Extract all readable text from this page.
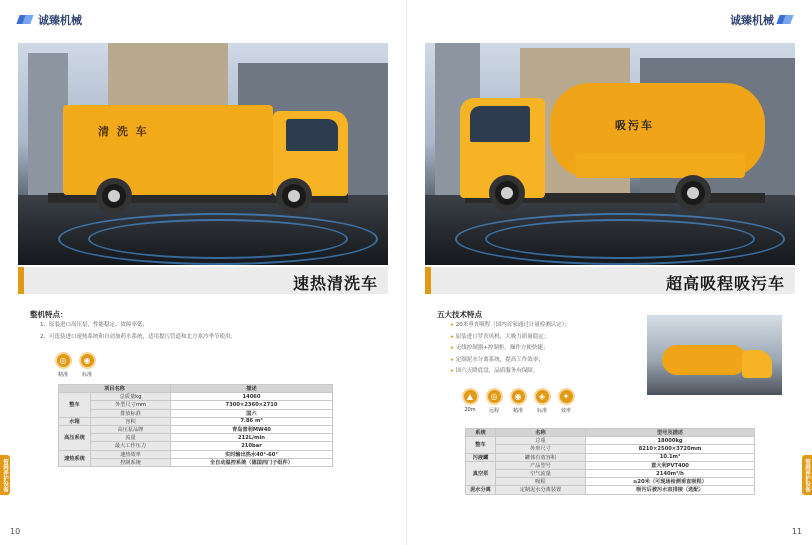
诚臻机械
清 洗 车
速热清洗车
整机特点：
1、原装进口高压泵，性能稳定、故障率低；
2、可选装进口速热系统和自动加药水系统，适用提污管道和北方寒冷季节使用；
◎
精准
◉
标准
项目名称		描述
整车	总质量kg	14060
	外型尺寸mm	7300×2360×2710
	排放标准	国六
水箱	容积	7.86 m³
高压系统	高压泵品牌	青岛普利MW40
	流量	212L/min
	最大工作压力	210bar
速热系统	速热效率	实时输出热水40°-60°
	控制系统	全自动温控系统（德国西门子组件）
管网养护设备
10
诚臻机械
吸污车
超高吸程吸污车
五大技术特点
▸ 20米垂直吸程（国内首家通过计量检测认定）；
▸ 原装进口罗茨风机，大吸力质量稳定；
▸ 无线控制器+控制柜，操作方便快捷；
▸ 定制泥水分离系统，提高工作效率；
▸ 国六天降底盘，品质服务有保障。
▲
20m
◎
远程
◉
精准
◈
标准
✦
效率
系统	名称	型号及描述
整车	总重	18000kg
	外形尺寸	8210×2500×3720mm
污液罐	罐体有效容积	10.1m³
真空泵	产品型号	意大利PVT400
	空气流量	2140m³/h
	吸程	≥20米（可现场检测垂直吸程）
泥水分离	定制泥水分离装置	吸污后被污水直排接（选配）	管网养护设备
11
